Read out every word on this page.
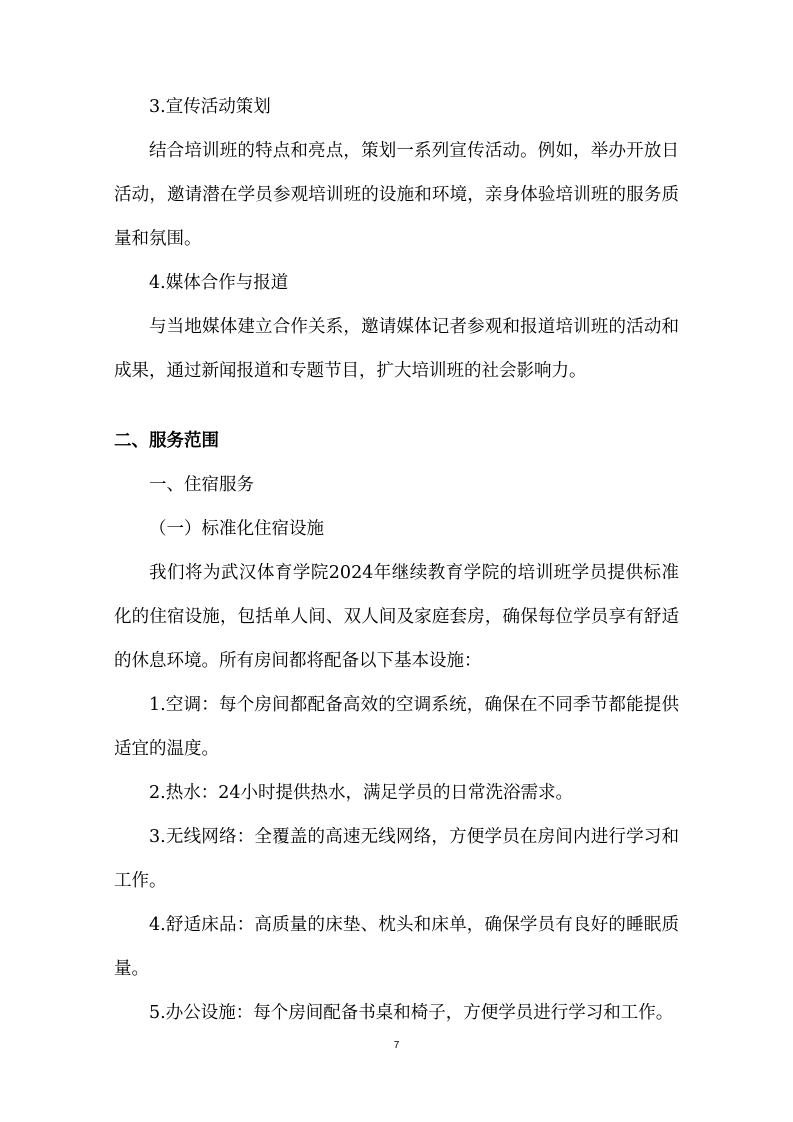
3.宣传活动策划

结合培训班的特点和亮点，策划一系列宣传活动。例如，举办开放日活动，邀请潜在学员参观培训班的设施和环境，亲身体验培训班的服务质量和氛围。

4.媒体合作与报道

与当地媒体建立合作关系，邀请媒体记者参观和报道培训班的活动和成果，通过新闻报道和专题节目，扩大培训班的社会影响力。

二、服务范围

一、住宿服务

（一）标准化住宿设施

我们将为武汉体育学院2024年继续教育学院的培训班学员提供标准化的住宿设施，包括单人间、双人间及家庭套房，确保每位学员享有舒适的休息环境。所有房间都将配备以下基本设施：

1.空调：每个房间都配备高效的空调系统，确保在不同季节都能提供适宜的温度。

2.热水：24小时提供热水，满足学员的日常洗浴需求。

3.无线网络：全覆盖的高速无线网络，方便学员在房间内进行学习和工作。

4.舒适床品：高质量的床垫、枕头和床单，确保学员有良好的睡眠质量。

5.办公设施：每个房间配备书桌和椅子，方便学员进行学习和工作。

7
